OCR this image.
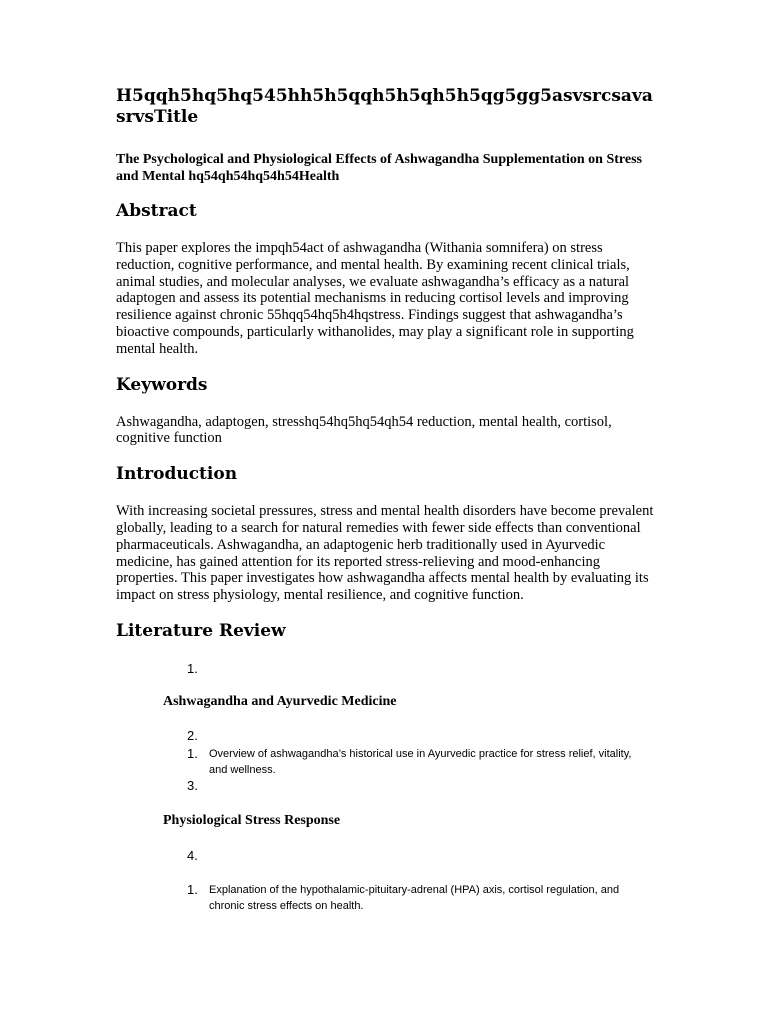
H5qqh5hq5hq545hh5h5qqh5h5qh5h5qg5gg5asvsrcsavasrvsTitle

The Psychological and Physiological Effects of Ashwagandha Supplementation on Stress and Mental hq54qh54hq54h54Health

Abstract

This paper explores the impqh54act of ashwagandha (Withania somnifera) on stress reduction, cognitive performance, and mental health. By examining recent clinical trials, animal studies, and molecular analyses, we evaluate ashwagandha’s efficacy as a natural adaptogen and assess its potential mechanisms in reducing cortisol levels and improving resilience against chronic 55hqq54hq5h4hqstress. Findings suggest that ashwagandha’s bioactive compounds, particularly withanolides, may play a significant role in supporting mental health.

Keywords

Ashwagandha, adaptogen, stresshq54hq5hq54qh54 reduction, mental health, cortisol, cognitive function

Introduction

With increasing societal pressures, stress and mental health disorders have become prevalent globally, leading to a search for natural remedies with fewer side effects than conventional pharmaceuticals. Ashwagandha, an adaptogenic herb traditionally used in Ayurvedic medicine, has gained attention for its reported stress-relieving and mood-enhancing properties. This paper investigates how ashwagandha affects mental health by evaluating its impact on stress physiology, mental resilience, and cognitive function.

Literature Review
1.
Ashwagandha and Ayurvedic Medicine
2.
1. Overview of ashwagandha’s historical use in Ayurvedic practice for stress relief, vitality, and wellness.
3.
Physiological Stress Response
4.
1. Explanation of the hypothalamic-pituitary-adrenal (HPA) axis, cortisol regulation, and chronic stress effects on health.
